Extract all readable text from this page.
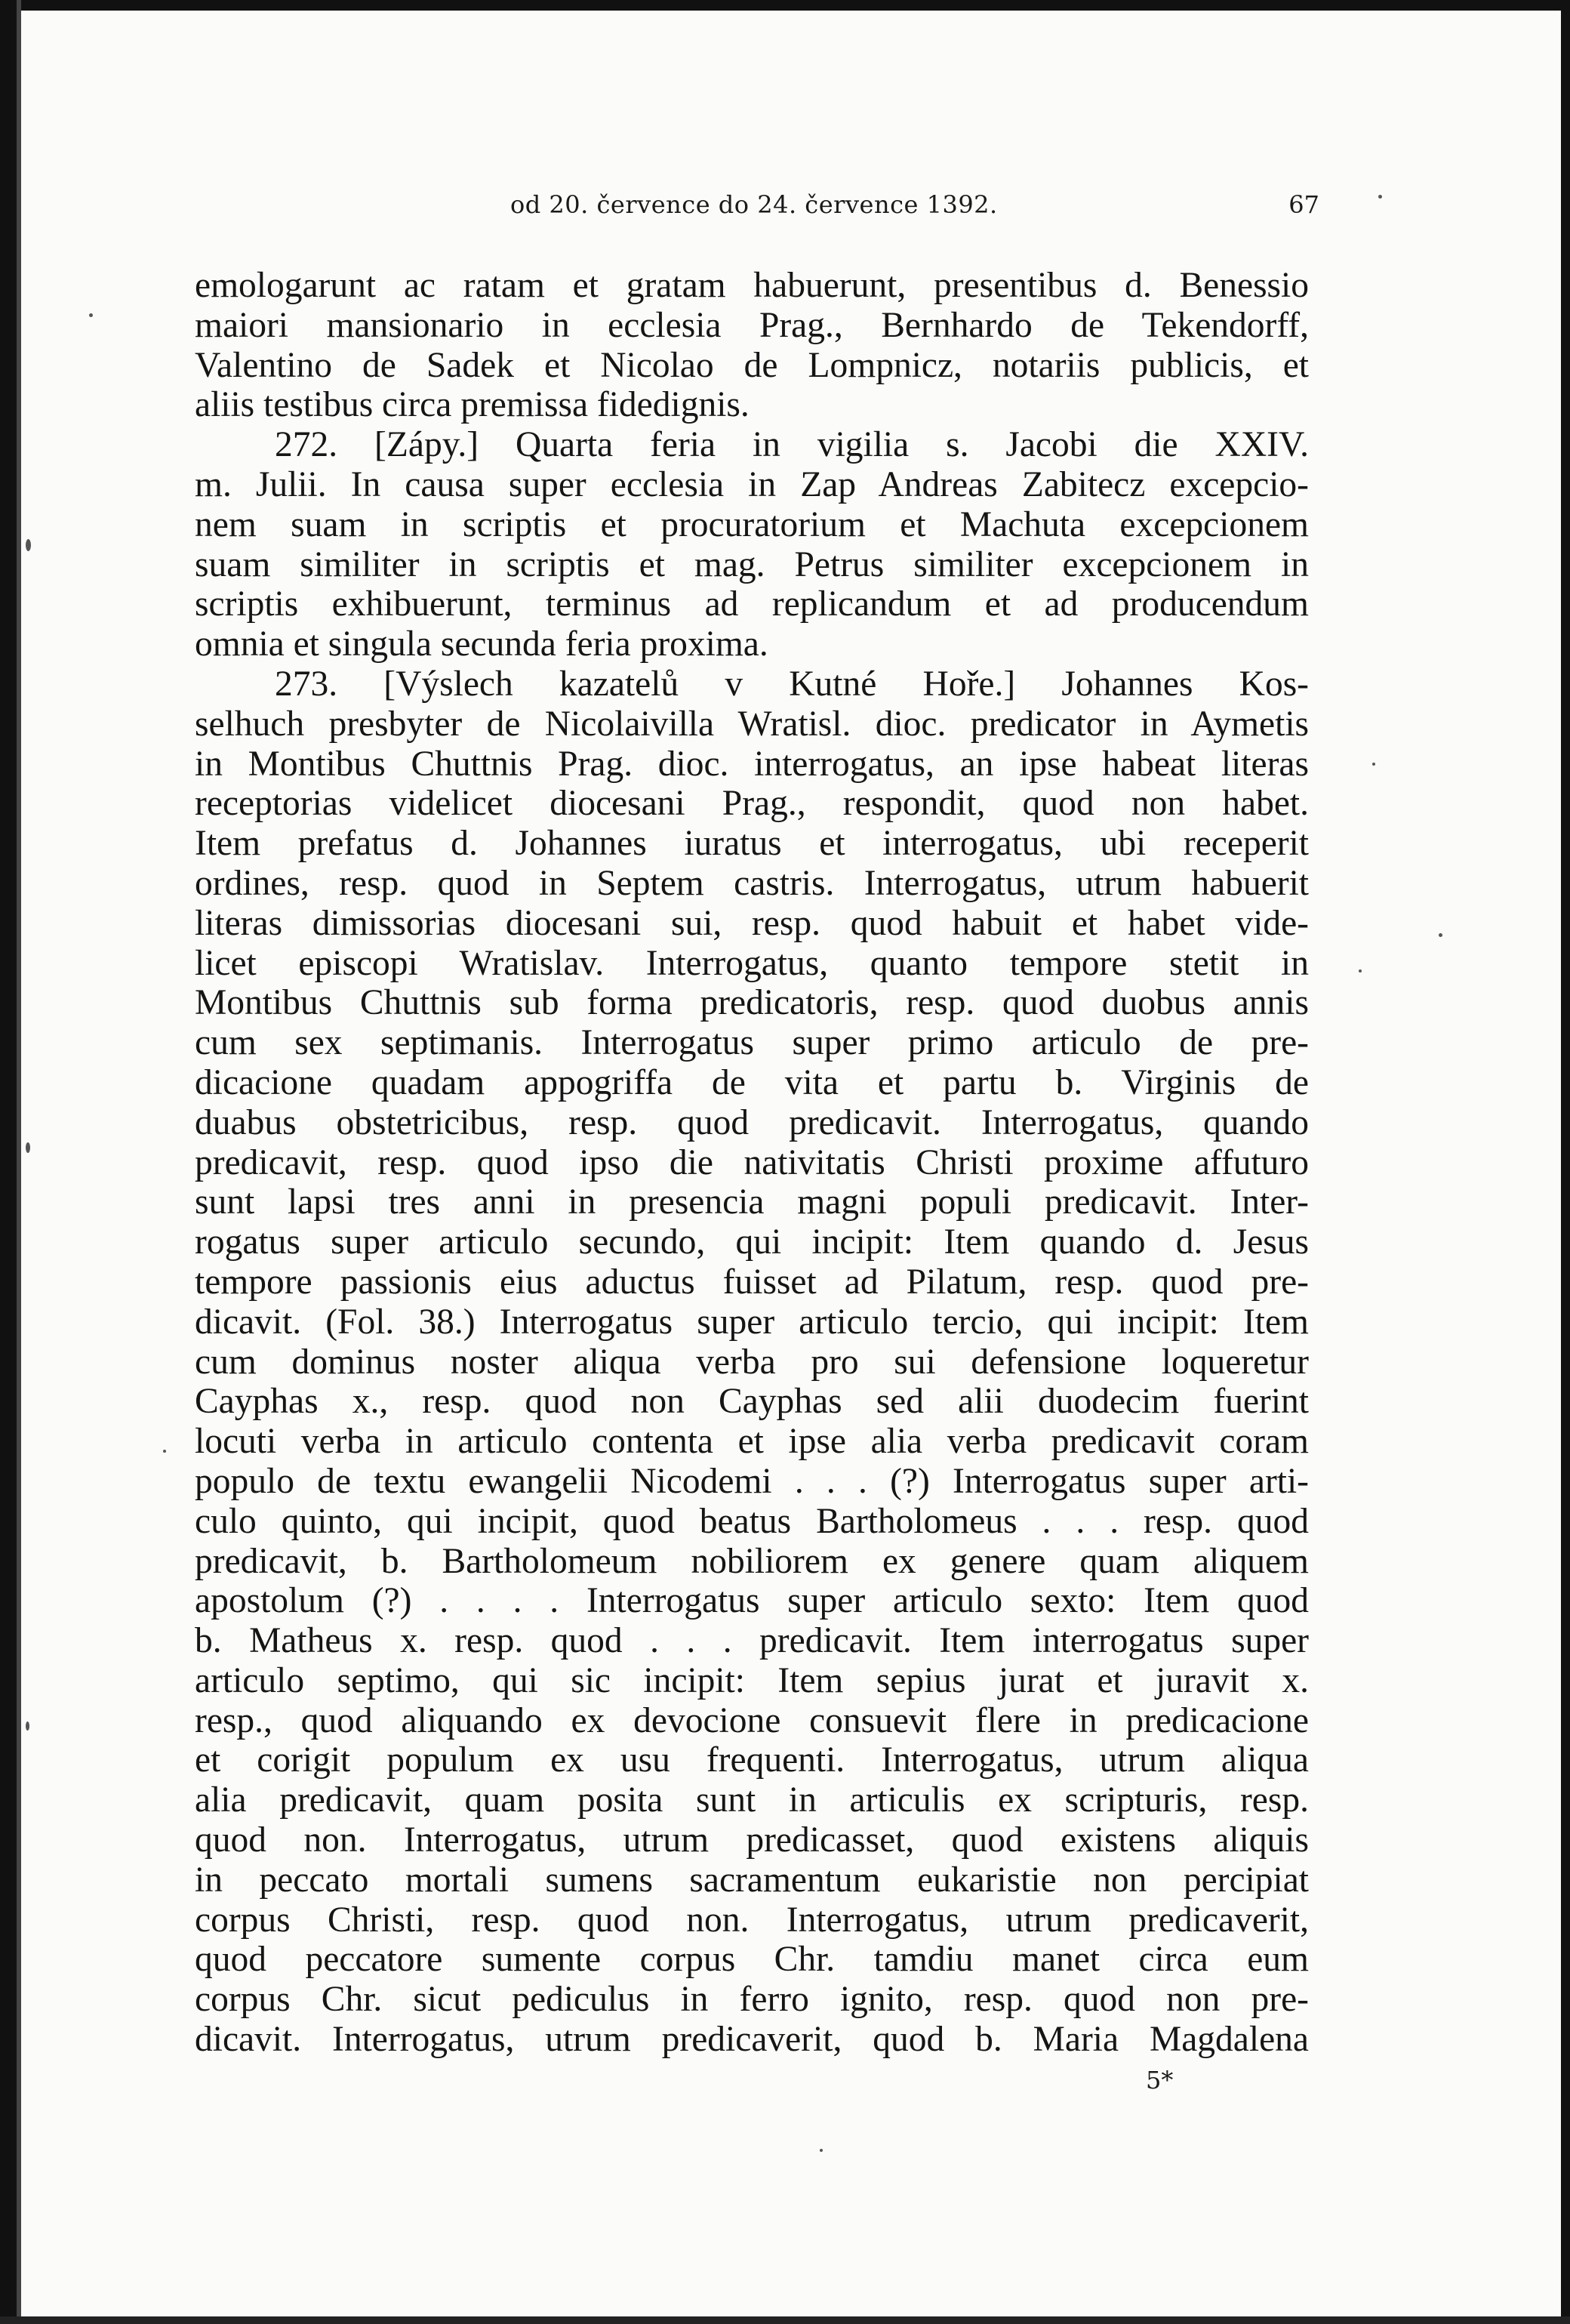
od 20. července do 24. července 1392.	67
emologarunt ac ratam et gratam habuerunt, presentibus d. Benessio
maiori mansionario in ecclesia Prag., Bernhardo de Tekendorff,
Valentino de Sadek et Nicolao de Lompnicz, notariis publicis, et
aliis testibus circa premissa fidedignis.
272. [Zápy.] Quarta feria in vigilia s. Jacobi die XXIV.
m. Julii. In causa super ecclesia in Zap Andreas Zabitecz excepcio-
nem suam in scriptis et procuratorium et Machuta excepcionem
suam similiter in scriptis et mag. Petrus similiter excepcionem in
scriptis exhibuerunt, terminus ad replicandum et ad producendum
omnia et singula secunda feria proxima.
273. [Výslech kazatelů v Kutné Hoře.] Johannes Kos-
selhuch presbyter de Nicolaivilla Wratisl. dioc. predicator in Aymetis
in Montibus Chuttnis Prag. dioc. interrogatus, an ipse habeat literas
receptorias videlicet diocesani Prag., respondit, quod non habet.
Item prefatus d. Johannes iuratus et interrogatus, ubi receperit
ordines, resp. quod in Septem castris. Interrogatus, utrum habuerit
literas dimissorias diocesani sui, resp. quod habuit et habet vide-
licet episcopi Wratislav. Interrogatus, quanto tempore stetit in
Montibus Chuttnis sub forma predicatoris, resp. quod duobus annis
cum sex septimanis. Interrogatus super primo articulo de pre-
dicacione quadam appogriffa de vita et partu b. Virginis de
duabus obstetricibus, resp. quod predicavit. Interrogatus, quando
predicavit, resp. quod ipso die nativitatis Christi proxime affuturo
sunt lapsi tres anni in presencia magni populi predicavit. Inter-
rogatus super articulo secundo, qui incipit: Item quando d. Jesus
tempore passionis eius aductus fuisset ad Pilatum, resp. quod pre-
dicavit. (Fol. 38.) Interrogatus super articulo tercio, qui incipit: Item
cum dominus noster aliqua verba pro sui defensione loqueretur
Cayphas x., resp. quod non Cayphas sed alii duodecim fuerint
locuti verba in articulo contenta et ipse alia verba predicavit coram
populo de textu ewangelii Nicodemi . . . (?) Interrogatus super arti-
culo quinto, qui incipit, quod beatus Bartholomeus . . . resp. quod
predicavit, b. Bartholomeum nobiliorem ex genere quam aliquem
apostolum (?) . . . . Interrogatus super articulo sexto: Item quod
b. Matheus x. resp. quod . . . predicavit. Item interrogatus super
articulo septimo, qui sic incipit: Item sepius jurat et juravit x.
resp., quod aliquando ex devocione consuevit flere in predicacione
et corigit populum ex usu frequenti. Interrogatus, utrum aliqua
alia predicavit, quam posita sunt in articulis ex scripturis, resp.
quod non. Interrogatus, utrum predicasset, quod existens aliquis
in peccato mortali sumens sacramentum eukaristie non percipiat
corpus Christi, resp. quod non. Interrogatus, utrum predicaverit,
quod peccatore sumente corpus Chr. tamdiu manet circa eum
corpus Chr. sicut pediculus in ferro ignito, resp. quod non pre-
dicavit. Interrogatus, utrum predicaverit, quod b. Maria Magdalena
5*
